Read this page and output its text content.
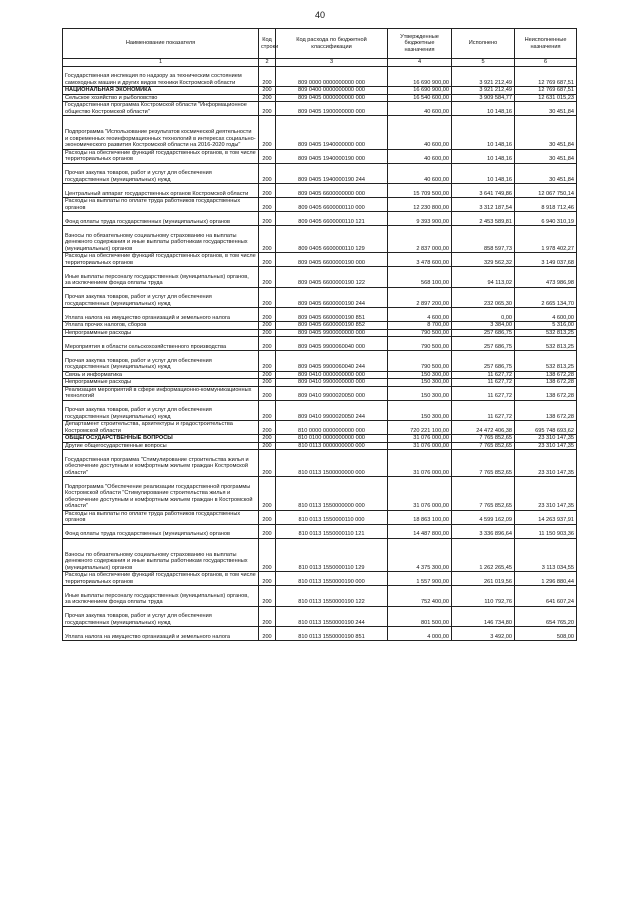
40
Наименование показателя	Код строки	Код расхода по бюджетной классификации	Утвержденные бюджетные назначения	Исполнено	Неисполненные назначения
1	2	3	4	5	6
Государственная инспекция по надзору за техническим состоянием самоходных машин и других видов техники Костромской области	200	809 0000 0000000000 000	16 690 900,00	3 921 212,49	12 769 687,51
НАЦИОНАЛЬНАЯ ЭКОНОМИКА	200	809 0400 0000000000 000	16 690 900,00	3 921 212,49	12 769 687,51
Сельское хозяйство и рыболовство	200	809 0405 0000000000 000	16 540 600,00	3 909 584,77	12 631 015,23
Государственная программа Костромской области "Информационное общество Костромской области"	200	809 0405 1900000000 000	40 600,00	10 148,16	30 451,84
Подпрограмма "Использование результатов космической деятельности и современных геоинформационных технологий в интересах социально-экономического развития Костромской области на 2016-2020 годы"	200	809 0405 1940000000 000	40 600,00	10 148,16	30 451,84
Расходы на обеспечение функций государственных органов, в том числе территориальных органов	200	809 0405 1940000190 000	40 600,00	10 148,16	30 451,84
Прочая закупка товаров, работ и услуг для обеспечения государственных (муниципальных) нужд	200	809 0405 1940000190 244	40 600,00	10 148,16	30 451,84
Центральный аппарат государственных органов Костромской области	200	809 0405 6600000000 000	15 709 500,00	3 641 749,86	12 067 750,14
Расходы на выплаты по оплате труда работников государственных органов	200	809 0405 6600000110 000	12 230 800,00	3 312 187,54	8 918 712,46
Фонд оплаты труда государственных (муниципальных) органов	200	809 0405 6600000110 121	9 393 900,00	2 453 589,81	6 940 310,19
Взносы по обязательному социальному страхованию на выплаты денежного содержания и иные выплаты работникам государственных (муниципальных) органов	200	809 0405 6600000110 129	2 837 000,00	858 597,73	1 978 402,27
Расходы на обеспечение функций государственных органов, в том числе территориальных органов	200	809 0405 6600000190 000	3 478 600,00	329 562,32	3 149 037,68
Иные выплаты персоналу государственных (муниципальных) органов, за исключением фонда оплаты труда	200	809 0405 6600000190 122	568 100,00	94 113,02	473 986,98
Прочая закупка товаров, работ и услуг для обеспечения государственных (муниципальных) нужд	200	809 0405 6600000190 244	2 897 200,00	232 065,30	2 665 134,70
Уплата налога на имущество организаций и земельного налога	200	809 0405 6600000190 851	4 600,00	0,00	4 600,00
Уплата прочих налогов, сборов	200	809 0405 6600000190 852	8 700,00	3 384,00	5 316,00
Непрограммные расходы	200	809 0405 9900000000 000	790 500,00	257 686,75	532 813,25
Мероприятия в области сельскохозяйственного производства	200	809 0405 9900060040 000	790 500,00	257 686,75	532 813,25
Прочая закупка товаров, работ и услуг для обеспечения государственных (муниципальных) нужд	200	809 0405 9900060040 244	790 500,00	257 686,75	532 813,25
Связь и информатика	200	809 0410 0000000000 000	150 300,00	11 627,72	138 672,28
Непрограммные расходы	200	809 0410 9900000000 000	150 300,00	11 627,72	138 672,28
Реализация мероприятий в сфере информационно-коммуникационных технологий	200	809 0410 9900020050 000	150 300,00	11 627,72	138 672,28
Прочая закупка товаров, работ и услуг для обеспечения государственных (муниципальных) нужд	200	809 0410 9900020050 244	150 300,00	11 627,72	138 672,28
Департамент строительства, архитектуры и градостроительства Костромской области	200	810 0000 0000000000 000	720 221 100,00	24 472 406,38	695 748 693,62
ОБЩЕГОСУДАРСТВЕННЫЕ ВОПРОСЫ	200	810 0100 0000000000 000	31 076 000,00	7 765 852,65	23 310 147,35
Другие общегосударственные вопросы	200	810 0113 0000000000 000	31 076 000,00	7 765 852,65	23 310 147,35
Государственная программа "Стимулирование строительства жилья и обеспечение доступным и комфортным жильем граждан Костромской области"	200	810 0113 1500000000 000	31 076 000,00	7 765 852,65	23 310 147,35
Подпрограмма "Обеспечение реализации государственной программы Костромской области "Стимулирование строительства жилья и обеспечение доступным и комфортным жильем граждан в Костромской области"	200	810 0113 1550000000 000	31 076 000,00	7 765 852,65	23 310 147,35
Расходы на выплаты по оплате труда работников государственных органов	200	810 0113 1550000110 000	18 863 100,00	4 599 162,09	14 263 937,91
Фонд оплаты труда государственных (муниципальных) органов	200	810 0113 1550000110 121	14 487 800,00	3 336 896,64	11 150 903,36
Взносы по обязательному социальному страхованию на выплаты денежного содержания и иные выплаты работникам государственных (муниципальных) органов	200	810 0113 1550000110 129	4 375 300,00	1 262 265,45	3 113 034,55
Расходы на обеспечение функций государственных органов, в том числе территориальных органов	200	810 0113 1550000190 000	1 557 900,00	261 019,56	1 296 880,44
Иные выплаты персоналу государственных (муниципальных) органов, за исключением фонда оплаты труда	200	810 0113 1550000190 122	752 400,00	110 792,76	641 607,24
Прочая закупка товаров, работ и услуг для обеспечения государственных (муниципальных) нужд	200	810 0113 1550000190 244	801 500,00	146 734,80	654 765,20
Уплата налога на имущество организаций и земельного налога	200	810 0113 1550000190 851	4 000,00	3 492,00	508,00
